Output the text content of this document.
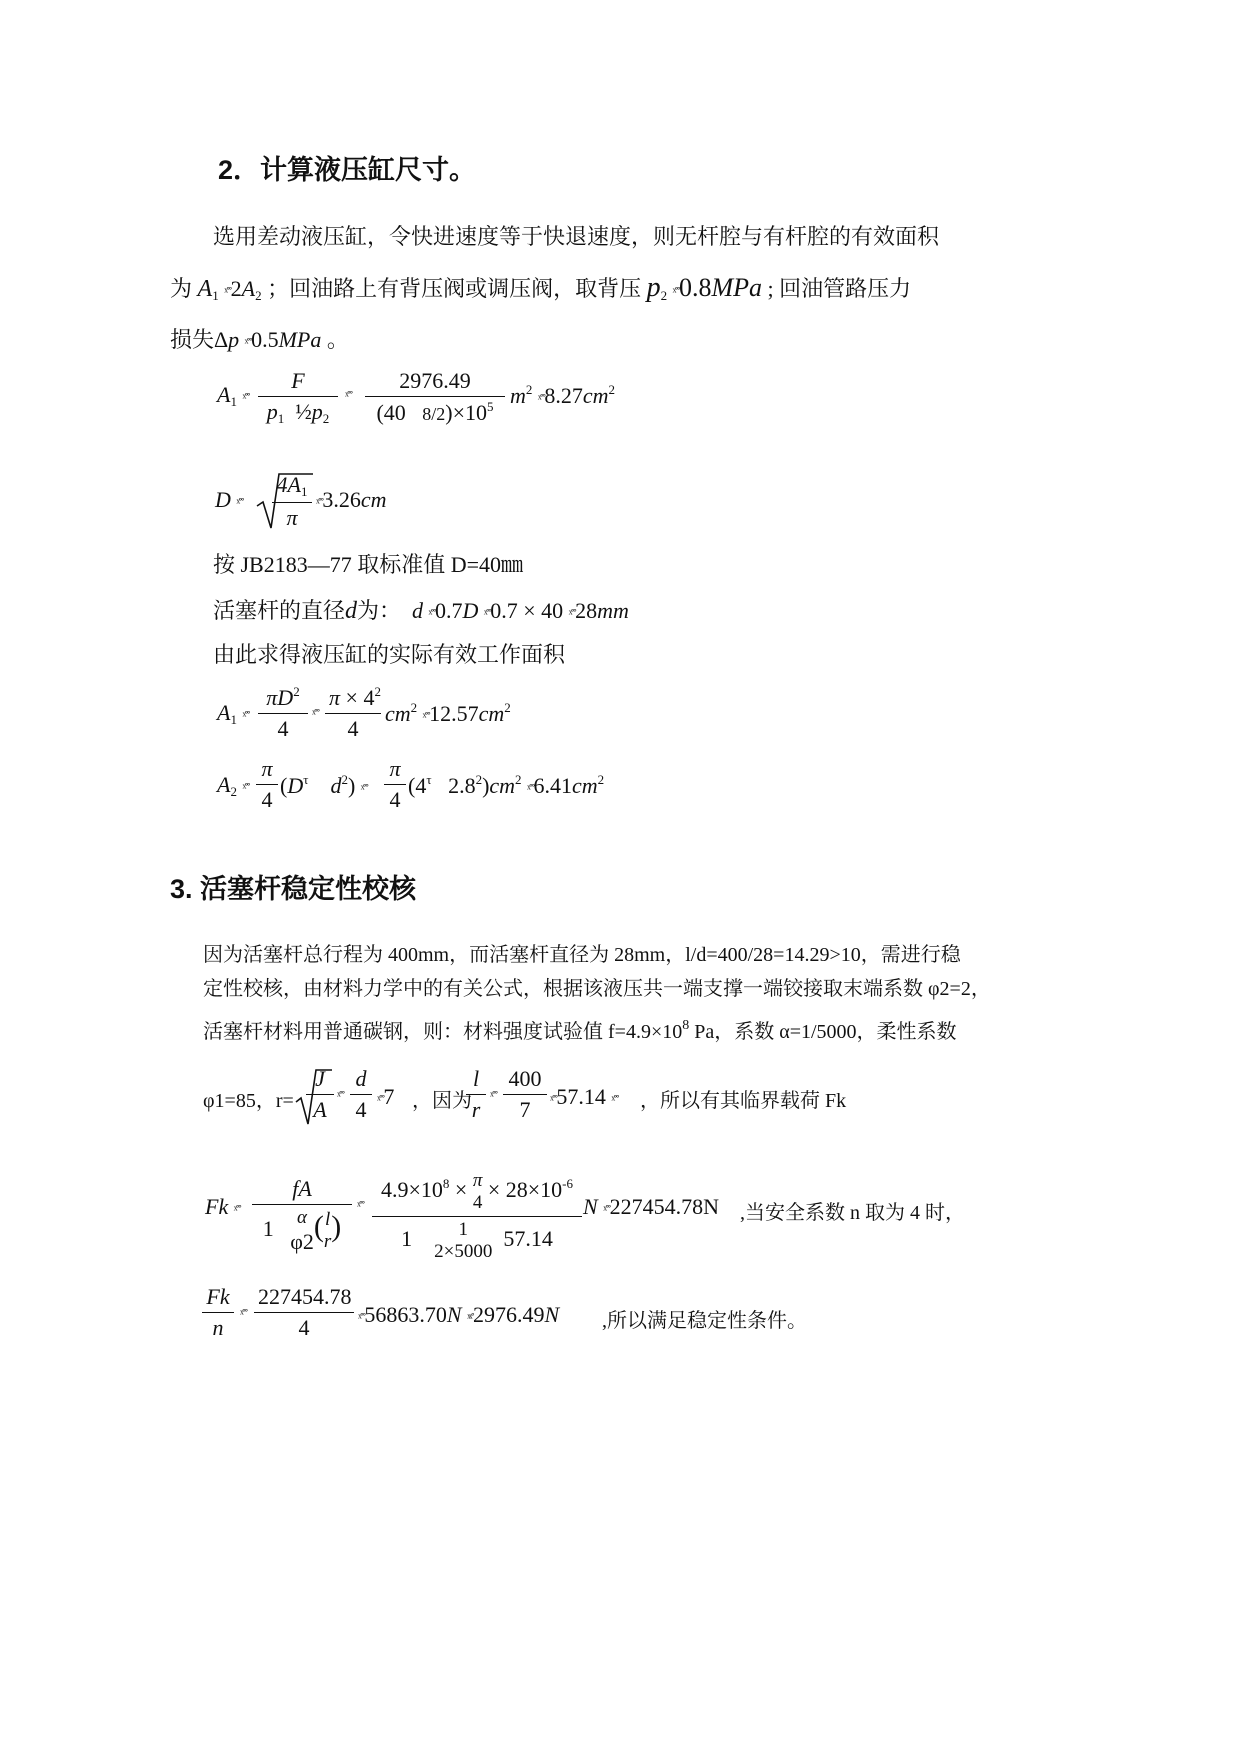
2．计算液压缸尺寸。
选用差动液压缸，令快进速度等于快退速度，则无杆腔与有杆腔的有效面积
为 $A_1$ $ˣ˚˚2A_2$ ；回油路上有背压阀或调压阀，取背压 $p_2$ ˣ˚˚0.8MPa ; 回油管路压力
损失Δp ˣ˚˚0.5MPa 。
$A_1$ ˣ˚˚
F
$p_1$ $\frac{1}{2}p_2$
ˣ˚˚
2976.49
(40   $8/2)\times 10^5$ $m^2$ $ˣ˚˚8.27cm^2$
D ˣ˚˚
$4A_1$
π
ˣ˚˚3.26cm
按 JB2183—77 取标准值 D=40㎜
活塞杆的直径d为： d ˣ˚˚0.7D ˣ˚˚0.7 × 40 ˣ˚˚28mm
由此求得液压缸的实际有效工作面积
$A_1$ ˣ˚˚
$\pi D^2$
4
ˣ˚˚
$\pi \times 4^2$
4
$cm^2$ $ˣ˚˚12.57cm^2$
$A_2$ ˣ˚˚
π
4
($D^\tau$    $d^2$) ˣ˚˚
π
4
($4^\tau$ $2.8^2)cm^2$ $ˣ˚˚6.41cm^2$
3. 活塞杆稳定性校核
因为活塞杆总行程为 400mm，而活塞杆直径为 28mm，l/d=400/28=14.29>10，需进行稳
定性校核，由材料力学中的有关公式，根据该液压共一端支撑一端铰接取末端系数 φ2=2，
活塞杆材料用普通碳钢，则：材料强度试验值 $f=4.9\times 10^8$ Pa，系数 α=1/5000，柔性系数
φ1=85，r=
J
A
ˣ˚˚
d
4 ˣ˚˚7 ，因为
l
r
ˣ˚˚
400
7	ˣ˚˚57.14 ˣ˚˚ ，所以有其临界载荷 Fk
Fk ˣ˚˚
fA
1 α
φ2(l
r)
ˣ˚˚
$4.9\times 10^8 \times \pi$
$4 \times 28\times 10^{-6}$
1    1
2×5000  57.14
N ˣ˚˚227454.78N ,当安全系数 n 取为 4 时，
Fk
n
ˣ˚˚
227454.78
4	ˣ˚˚56863.70N ˣˣ˚2976.49N ,所以满足稳定性条件。
